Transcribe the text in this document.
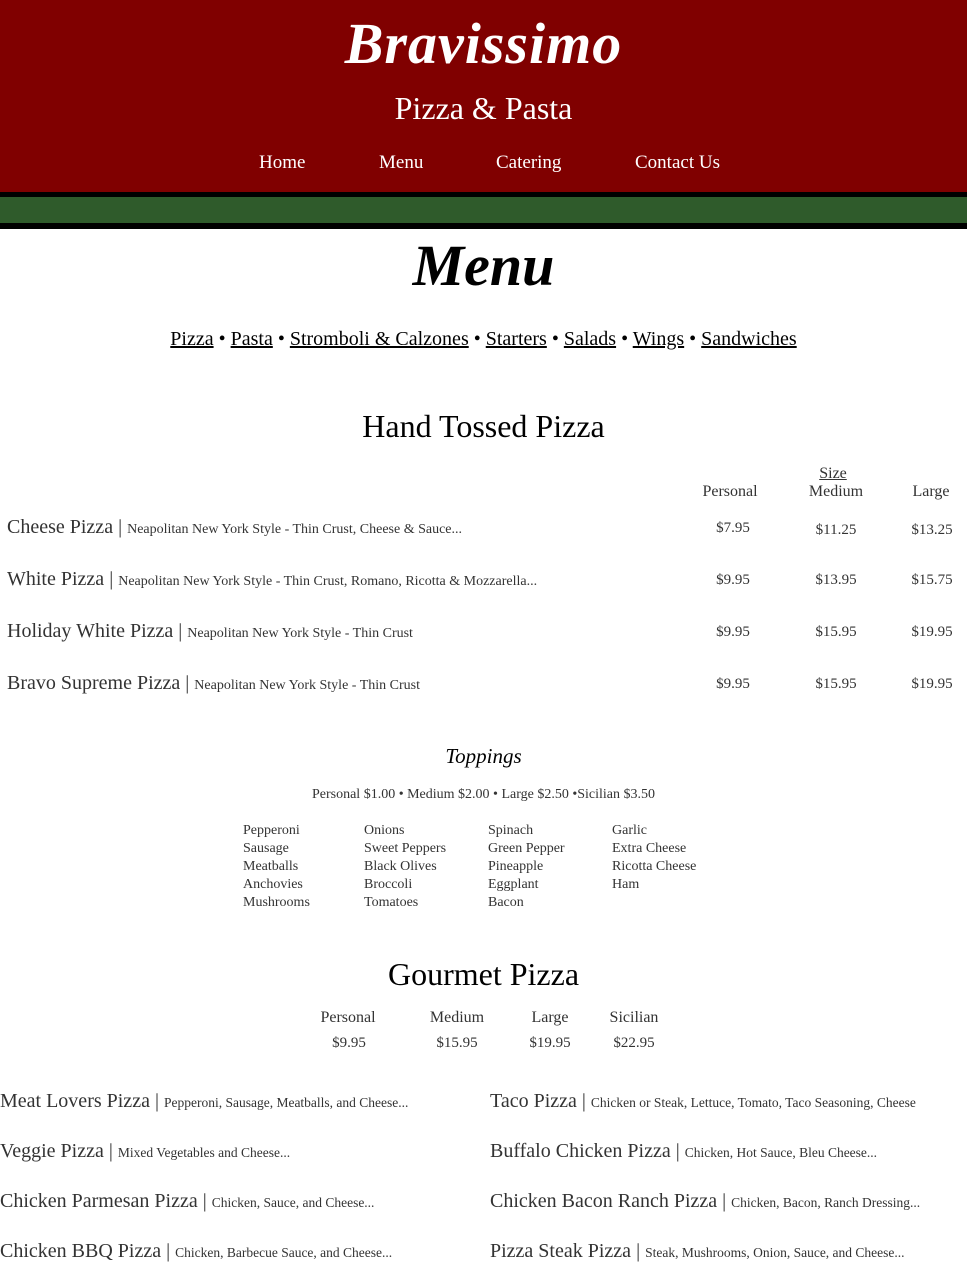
Bravissimo
Pizza & Pasta
Home	Menu	Catering	Contact Us
Menu
Pizza • Pasta • Stromboli & Calzones • Starters • Salads • Wings • Sandwiches
Hand Tossed Pizza
Size
Personal	Medium	Large
Cheese Pizza | Neapolitan New York Style - Thin Crust, Cheese & Sauce...	$7.95	$11.25	$13.25
White Pizza | Neapolitan New York Style - Thin Crust, Romano, Ricotta & Mozzarella...	$9.95	$13.95	$15.75
Holiday White Pizza | Neapolitan New York Style - Thin Crust	$9.95	$15.95	$19.95
Bravo Supreme Pizza | Neapolitan New York Style - Thin Crust	$9.95	$15.95	$19.95
Toppings
Personal $1.00 • Medium $2.00 • Large $2.50 •Sicilian $3.50
Pepperoni
Sausage
Meatballs
Anchovies
Mushrooms
Onions
Sweet Peppers
Black Olives
Broccoli
Tomatoes
Spinach
Green Pepper
Pineapple
Eggplant
Bacon
Garlic
Extra Cheese
Ricotta Cheese
Ham
Gourmet Pizza
Personal	Medium	Large	Sicilian
$9.95	$15.95	$19.95	$22.95
Meat Lovers Pizza | Pepperoni, Sausage, Meatballs, and Cheese...	Taco Pizza | Chicken or Steak, Lettuce, Tomato, Taco Seasoning, Cheese
Veggie Pizza | Mixed Vegetables and Cheese...	Buffalo Chicken Pizza | Chicken, Hot Sauce, Bleu Cheese...
Chicken Parmesan Pizza | Chicken, Sauce, and Cheese...	Chicken Bacon Ranch Pizza | Chicken, Bacon, Ranch Dressing...
Chicken BBQ Pizza | Chicken, Barbecue Sauce, and Cheese...	Pizza Steak Pizza | Steak, Mushrooms, Onion, Sauce, and Cheese...
